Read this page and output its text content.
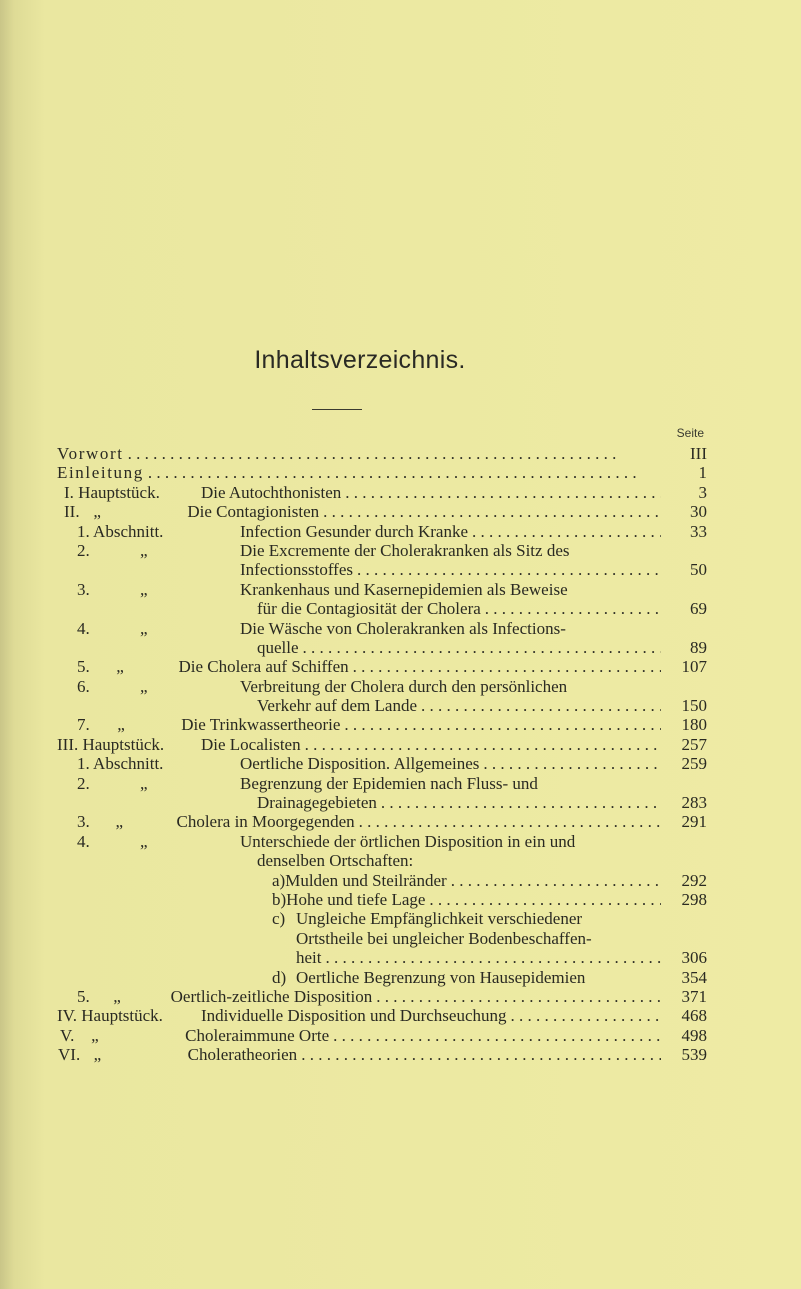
Inhaltsverzeichnis.
Seite
Vorwort . . .	III
Einleitung . . .	1
I. Hauptstück.	Die Autochthonisten . . .	3
II. „	Die Contagionisten . . .	30
1. Abschnitt.	Infection Gesunder durch Kranke . . .	33
2.	„	Die Excremente der Cholerakranken als Sitz des
Infectionsstoffes . . .	50
3.	„	Krankenhaus und Kasernepidemien als Beweise
für die Contagiosität der Cholera . . .	69
4.	„	Die Wäsche von Cholerakranken als Infections-
quelle . . .	89
5.	„	Die Cholera auf Schiffen . . .	107
6.	„	Verbreitung der Cholera durch den persönlichen
Verkehr auf dem Lande . . .	150
7.	„	Die Trinkwassertheorie . . .	180
III. Hauptstück.	Die Localisten . . .	257
1. Abschnitt.	Oertliche Disposition. Allgemeines . . .	259
2.	„	Begrenzung der Epidemien nach Fluss- und
Drainagegebieten . . .	283
3.	„	Cholera in Moorgegenden . . .	291
4.	„	Unterschiede der örtlichen Disposition in ein und
denselben Ortschaften:
a) Mulden und Steilränder . . .	292
b) Hohe und tiefe Lage . . .	298
c) Ungleiche Empfänglichkeit verschiedener
Ortstheile bei ungleicher Bodenbeschaffen-
heit . . .	306
d) Oertliche Begrenzung von Hausepidemien	354
5.	„	Oertlich-zeitliche Disposition . . .	371
IV. Hauptstück.	Individuelle Disposition und Durchseuchung . . .	468
V. „	Choleraimmune Orte . . .	498
VI. „	Choleratheorien . . .	539
